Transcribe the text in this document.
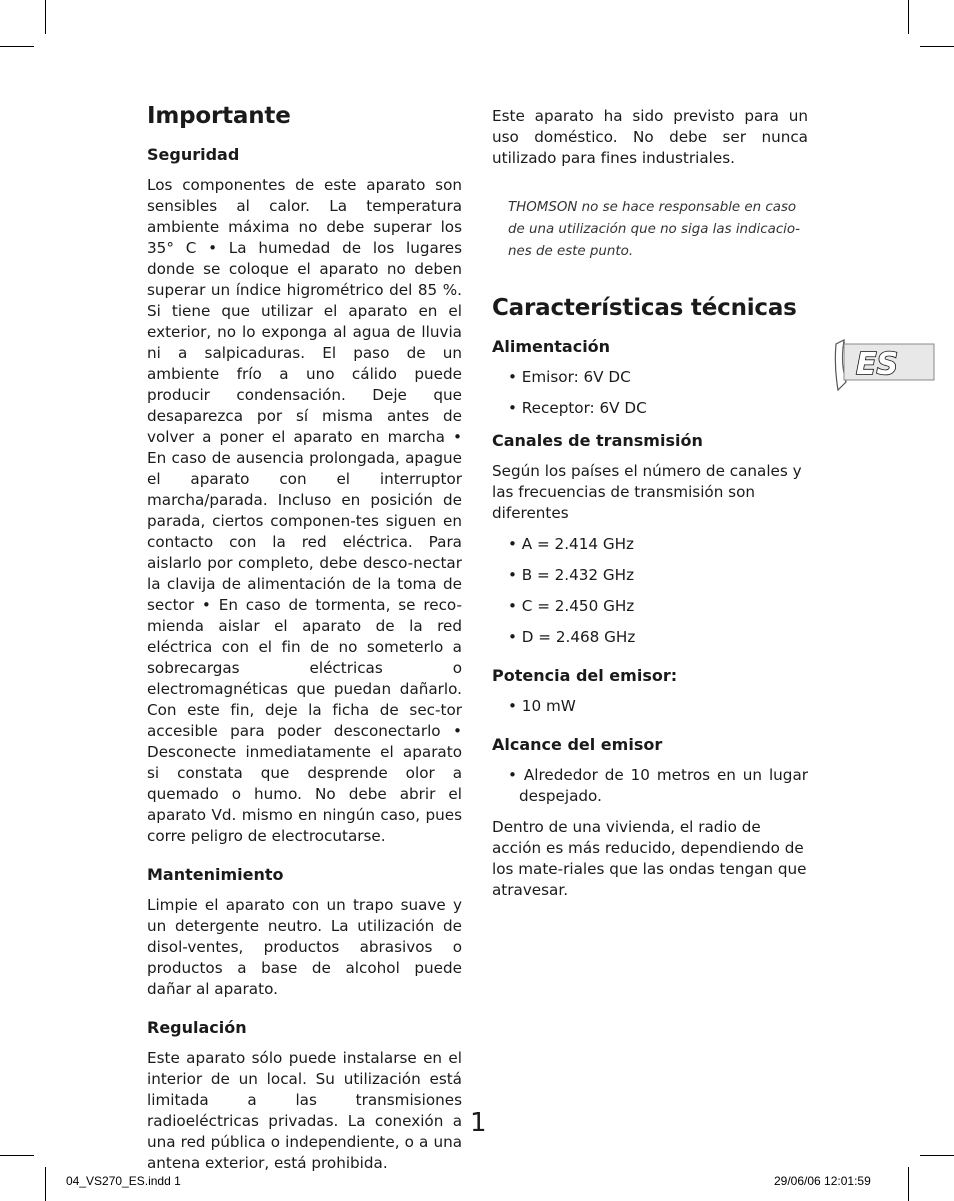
Importante
Seguridad

Los componentes de este aparato son sensibles al calor. La temperatura ambiente máxima no debe superar los 35° C • La humedad de los lugares donde se coloque el aparato no deben superar un índice higrométrico del 85 %. Si tiene que utilizar el aparato en el exterior, no lo exponga al agua de lluvia ni a salpicaduras. El paso de un ambiente frío a uno cálido puede producir condensación. Deje que desaparezca por sí misma antes de volver a poner el aparato en marcha • En caso de ausencia prolongada, apague el aparato con el interruptor marcha/parada. Incluso en posición de parada, ciertos componen-tes siguen en contacto con la red eléctrica. Para aislarlo por completo, debe desco-nectar la clavija de alimentación de la toma de sector • En caso de tormenta, se reco-mienda aislar el aparato de la red eléctrica con el fin de no someterlo a sobrecargas eléctricas o electromagnéticas que puedan dañarlo. Con este fin, deje la ficha de sec-tor accesible para poder desconectarlo • Desconecte inmediatamente el aparato si constata que desprende olor a quemado o humo. No debe abrir el aparato Vd. mismo en ningún caso, pues corre peligro de electrocutarse.

Mantenimiento

Limpie el aparato con un trapo suave y un detergente neutro. La utilización de disol-ventes, productos abrasivos o productos a base de alcohol puede dañar al aparato.

Regulación

Este aparato sólo puede instalarse en el interior de un local. Su utilización está limitada a las transmisiones radioeléctricas privadas. La conexión a una red pública o independiente, o a una antena exterior, está prohibida.

Este aparato ha sido previsto para un uso doméstico. No debe ser nunca utilizado para fines industriales.

THOMSON no se hace responsable en caso de una utilización que no siga las indicacio-nes de este punto.

Características técnicas
Alimentación
• Emisor: 6V DC
• Receptor: 6V DC
Canales de transmisión

Según los países el número de canales y las frecuencias de transmisión son diferentes

• A = 2.414 GHz
• B = 2.432 GHz
• C = 2.450 GHz
• D = 2.468 GHz
Potencia del emisor:
• 10 mW
Alcance del emisor
• Alrededor de 10 metros en un lugar despejado.

Dentro de una vivienda, el radio de acción es más reducido, dependiendo de los mate-riales que las ondas tengan que atravesar.

ES
1
04_VS270_ES.indd 1	29/06/06 12:01:59
